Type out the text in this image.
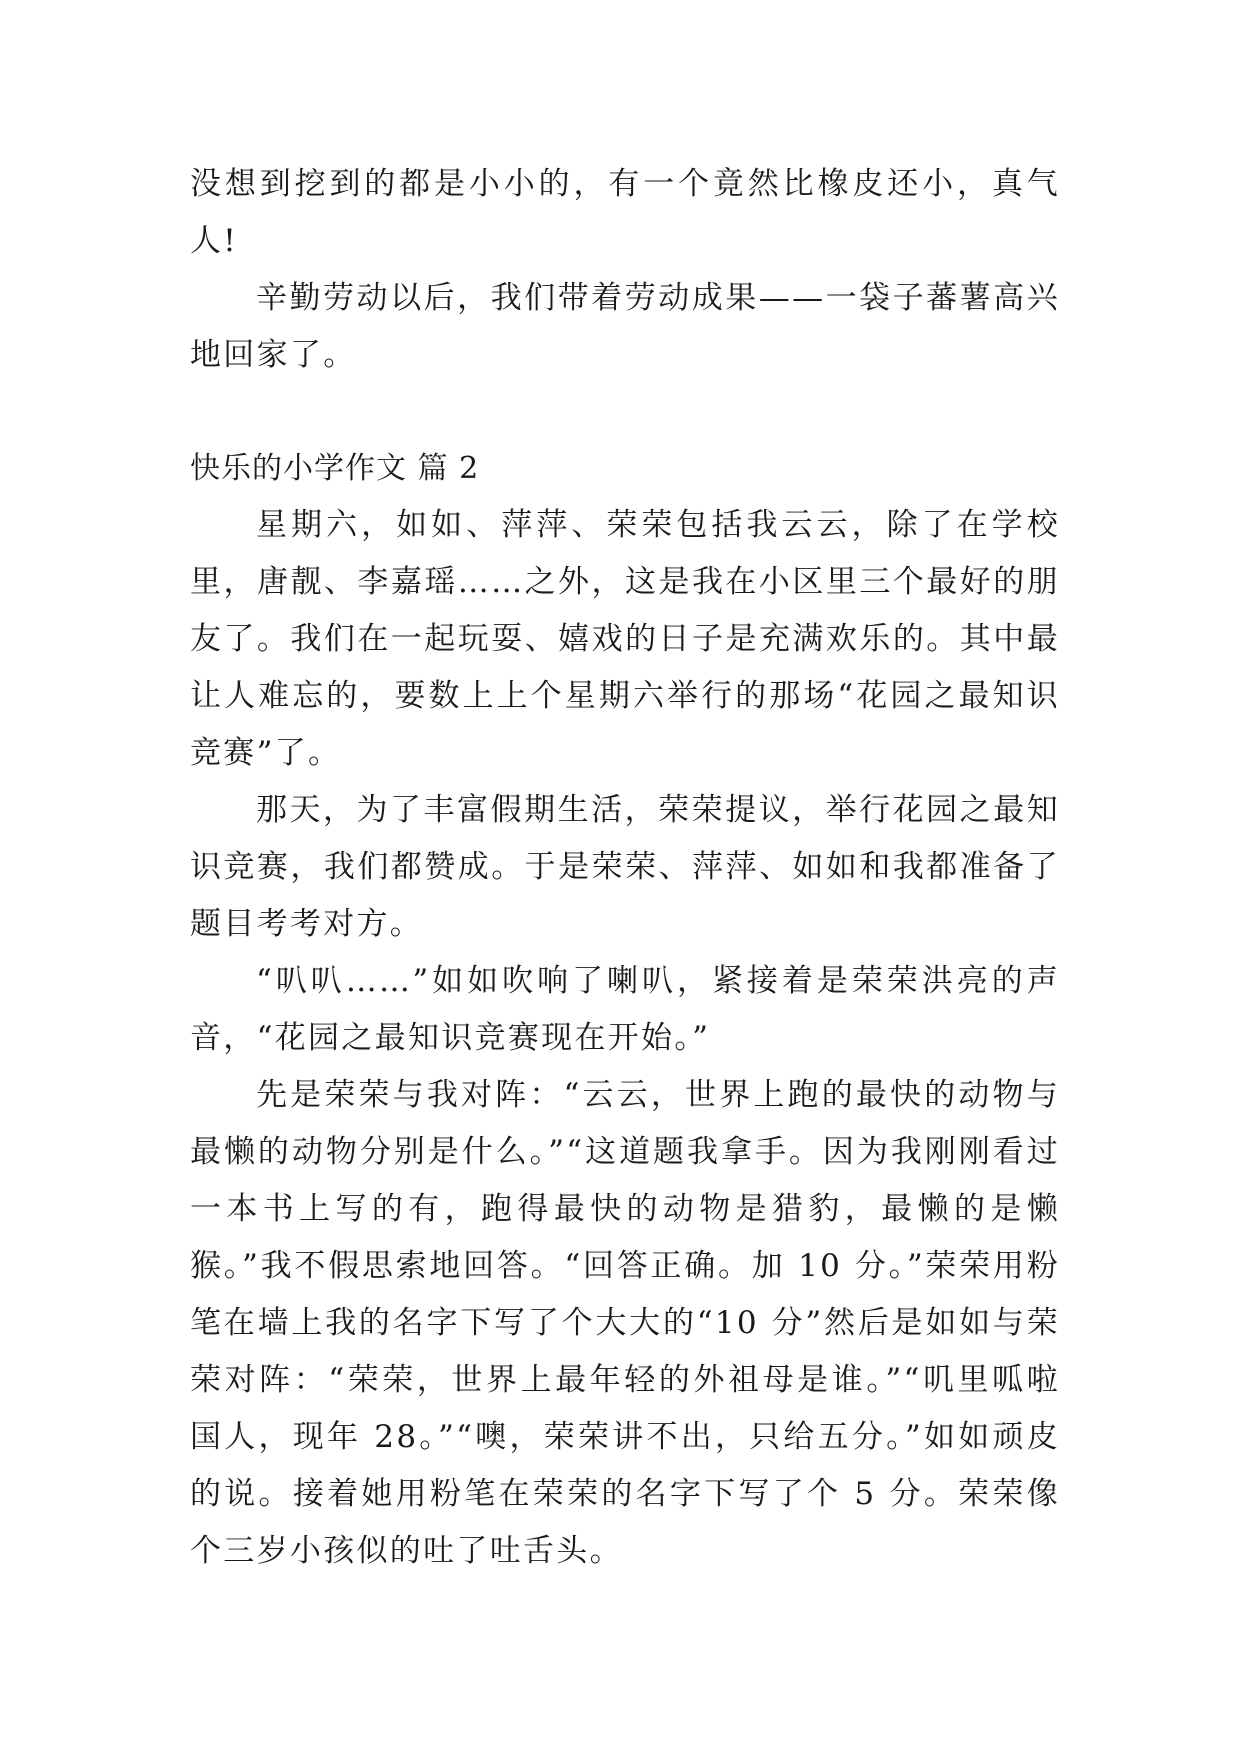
没想到挖到的都是小小的，有一个竟然比橡皮还小，真气人!

辛勤劳动以后，我们带着劳动成果——一袋子蕃薯高兴地回家了。

快乐的小学作文 篇 2

星期六，如如、萍萍、荣荣包括我云云，除了在学校里，唐靓、李嘉瑶……之外，这是我在小区里三个最好的朋友了。我们在一起玩耍、嬉戏的日子是充满欢乐的。其中最让人难忘的，要数上上个星期六举行的那场“花园之最知识竞赛”了。

那天，为了丰富假期生活，荣荣提议，举行花园之最知识竞赛，我们都赞成。于是荣荣、萍萍、如如和我都准备了题目考考对方。

“叭叭……”如如吹响了喇叭，紧接着是荣荣洪亮的声音，“花园之最知识竞赛现在开始。”

先是荣荣与我对阵：“云云，世界上跑的最快的动物与最懒的动物分别是什么。”“这道题我拿手。因为我刚刚看过一本书上写的有，跑得最快的动物是猎豹，最懒的是懒猴。”我不假思索地回答。“回答正确。加 10 分。”荣荣用粉笔在墙上我的名字下写了个大大的“10 分”然后是如如与荣荣对阵：“荣荣，世界上最年轻的外祖母是谁。”“叽里呱啦国人，现年 28。”“噢，荣荣讲不出，只给五分。”如如顽皮的说。接着她用粉笔在荣荣的名字下写了个 5 分。荣荣像个三岁小孩似的吐了吐舌头。
